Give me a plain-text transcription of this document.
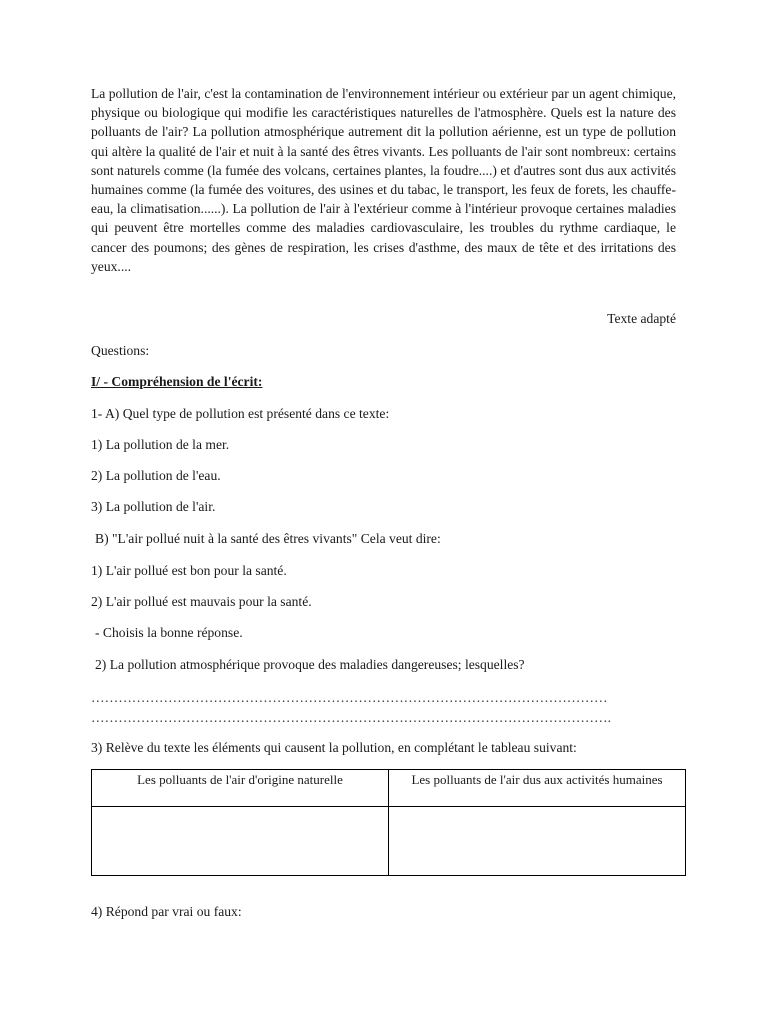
La pollution de l'air, c'est la contamination de l'environnement intérieur ou extérieur par un agent chimique, physique ou biologique qui modifie les caractéristiques naturelles de l'atmosphère. Quels est la nature des polluants de l'air? La pollution atmosphérique autrement dit la pollution aérienne, est un type de pollution qui altère la qualité de l'air et nuit à la santé des êtres vivants. Les polluants de l'air sont nombreux: certains sont naturels comme (la fumée des volcans, certaines plantes, la foudre....) et d'autres sont dus aux activités humaines comme (la fumée des voitures, des usines et du tabac, le transport, les feux de forets, les chauffe-eau, la climatisation......). La pollution de l'air à l'extérieur comme à l'intérieur provoque certaines maladies qui peuvent être mortelles comme des maladies cardiovasculaire, les troubles du rythme cardiaque, le cancer des poumons; des gènes de respiration, les crises d'asthme, des maux de tête et des irritations des yeux....

Texte adapté

Questions:

I/ - Compréhension de l'écrit:

1- A) Quel type de pollution est présenté dans ce texte:

1) La pollution de la mer.

2) La pollution de l'eau.

3) La pollution de l'air.

B) "L'air pollué nuit à la santé des êtres vivants" Cela veut dire:

1) L'air pollué est bon pour la santé.

2) L'air pollué est mauvais pour la santé.

- Choisis la bonne réponse.

2) La pollution atmosphérique provoque des maladies dangereuses; lesquelles?

……………………………………………………………………………………………………

…………………………………………………………………………………………………….

3) Relève du texte les éléments qui causent la pollution, en complétant le tableau suivant:

Les polluants de l'air d'origine naturelle	Les polluants de l'air dus aux activités humaines

4) Répond par vrai ou faux:
